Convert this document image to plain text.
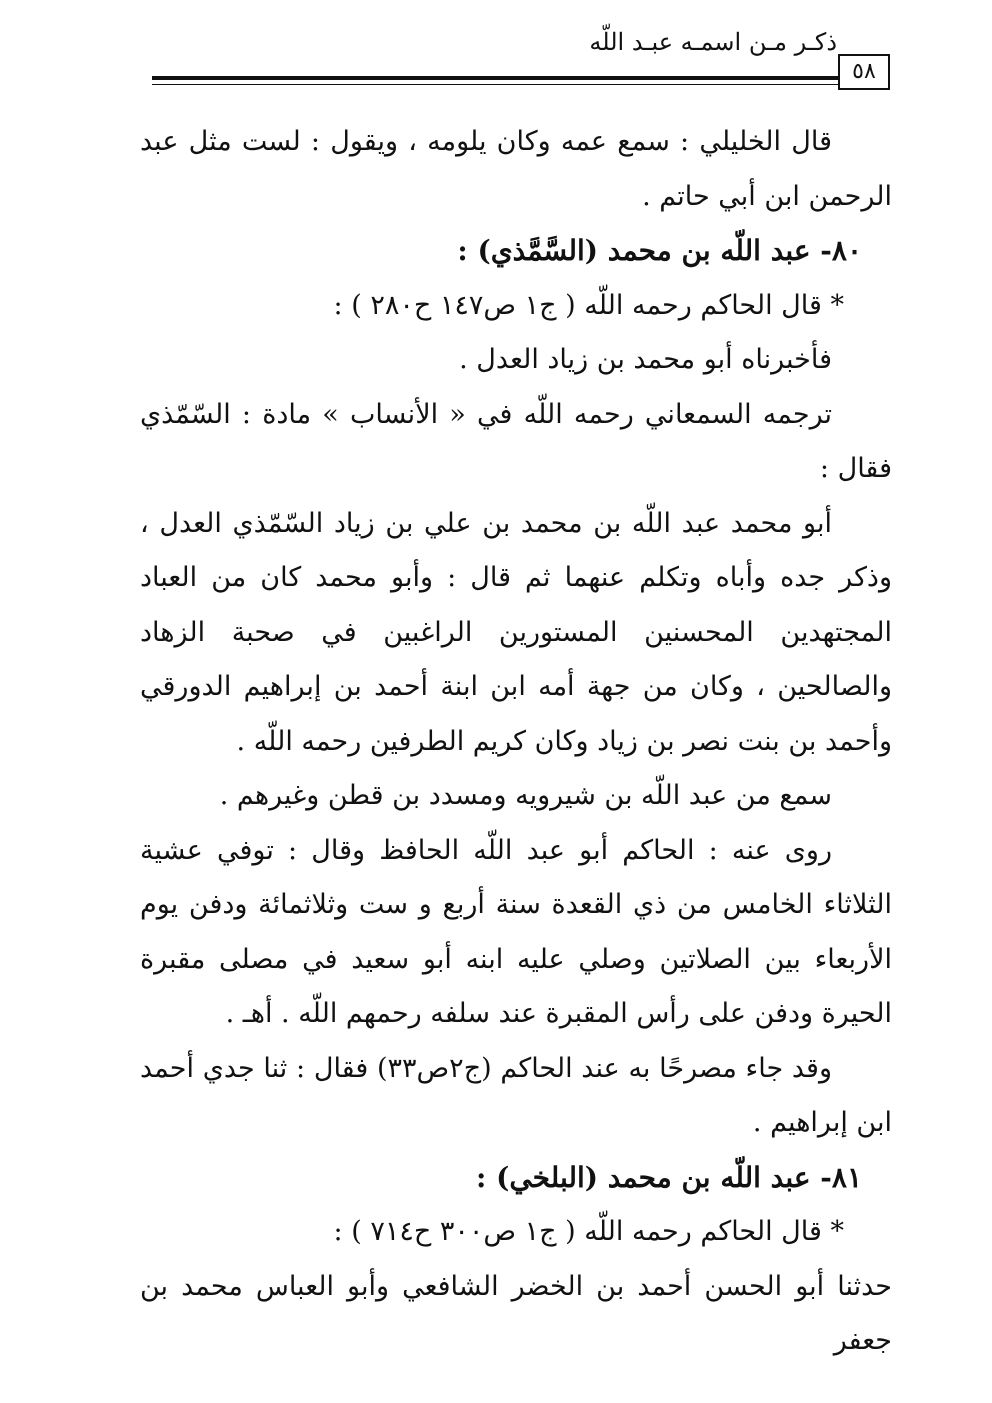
ذكـر مـن اسمـه عبـد اللّه
٥٨

قال الخليلي : سمع عمه وكان يلومه ، ويقول : لست مثل عبد الرحمن ابن أبي حاتم .

٨٠- عبد اللّه بن محمد (السَّمَّذي) :

* قال الحاكم رحمه اللّه ( ج١ ص١٤٧ ح٢٨٠ ) :

فأخبرناه أبو محمد بن زياد العدل .

ترجمه السمعاني رحمه اللّه في « الأنساب » مادة : السّمّذي فقال :

أبو محمد عبد اللّه بن محمد بن علي بن زياد السّمّذي العدل ، وذكر جده وأباه وتكلم عنهما ثم قال : وأبو محمد كان من العباد المجتهدين المحسنين المستورين الراغبين في صحبة الزهاد والصالحين ، وكان من جهة أمه ابن ابنة أحمد بن إبراهيم الدورقي وأحمد بن بنت نصر بن زياد وكان كريم الطرفين رحمه اللّه .

سمع من عبد اللّه بن شيرويه ومسدد بن قطن وغيرهم .

روى عنه : الحاكم أبو عبد اللّه الحافظ وقال : توفي عشية الثلاثاء الخامس من ذي القعدة سنة أربع و ست وثلاثمائة ودفن يوم الأربعاء بين الصلاتين وصلي عليه ابنه أبو سعيد في مصلى مقبرة الحيرة ودفن على رأس المقبرة عند سلفه رحمهم اللّه . أهـ .

وقد جاء مصرحًا به عند الحاكم (ج٢ص٣٣) فقال : ثنا جدي أحمد ابن إبراهيم .

٨١- عبد اللّه بن محمد (البلخي) :

* قال الحاكم رحمه اللّه ( ج١ ص٣٠٠ ح٧١٤ ) :

حدثنا أبو الحسن أحمد بن الخضر الشافعي وأبو العباس محمد بن جعفر
